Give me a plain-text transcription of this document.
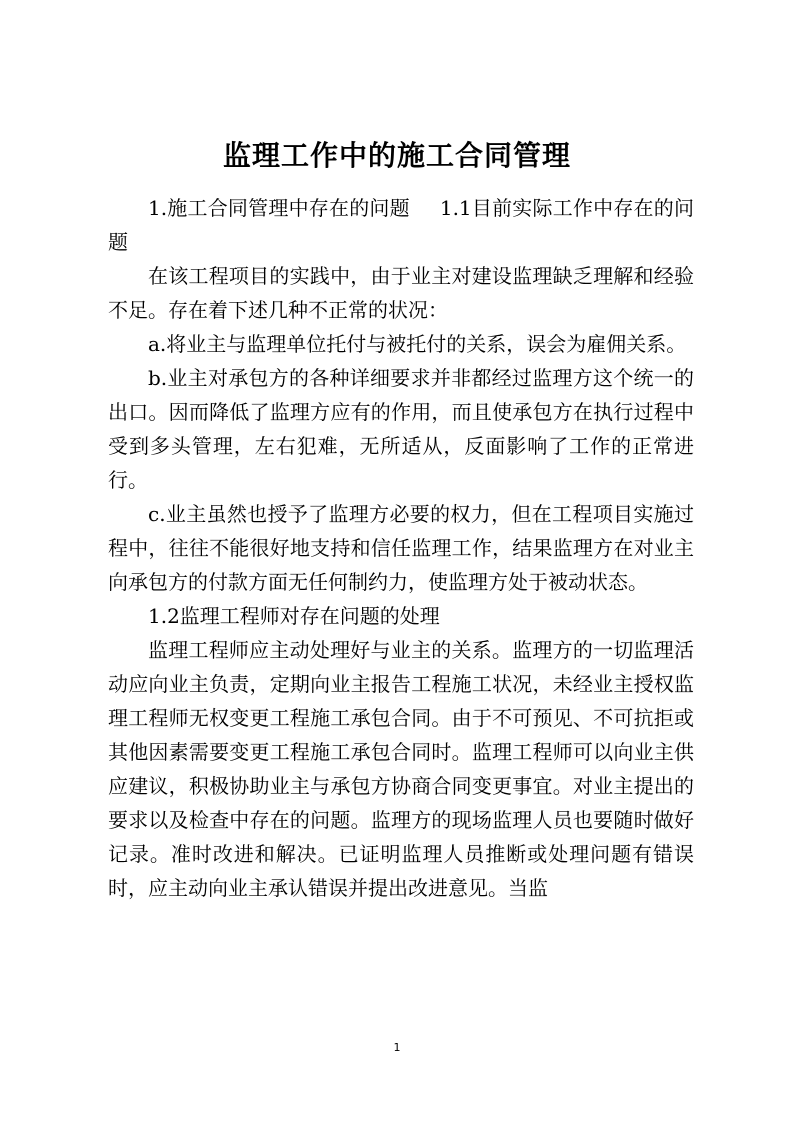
监理工作中的施工合同管理

1.施工合同管理中存在的问题 1.1目前实际工作中存在的问题

在该工程项目的实践中，由于业主对建设监理缺乏理解和经验不足。存在着下述几种不正常的状况：

a.将业主与监理单位托付与被托付的关系，误会为雇佣关系。

b.业主对承包方的各种详细要求并非都经过监理方这个统一的出口。因而降低了监理方应有的作用，而且使承包方在执行过程中受到多头管理，左右犯难，无所适从，反面影响了工作的正常进行。

c.业主虽然也授予了监理方必要的权力，但在工程项目实施过程中，往往不能很好地支持和信任监理工作，结果监理方在对业主向承包方的付款方面无任何制约力，使监理方处于被动状态。

1.2监理工程师对存在问题的处理

监理工程师应主动处理好与业主的关系。监理方的一切监理活动应向业主负责，定期向业主报告工程施工状况，未经业主授权监理工程师无权变更工程施工承包合同。由于不可预见、不可抗拒或其他因素需要变更工程施工承包合同时。监理工程师可以向业主供应建议，积极协助业主与承包方协商合同变更事宜。对业主提出的要求以及检查中存在的问题。监理方的现场监理人员也要随时做好记录。准时改进和解决。已证明监理人员推断或处理问题有错误时，应主动向业主承认错误并提出改进意见。当监

1
